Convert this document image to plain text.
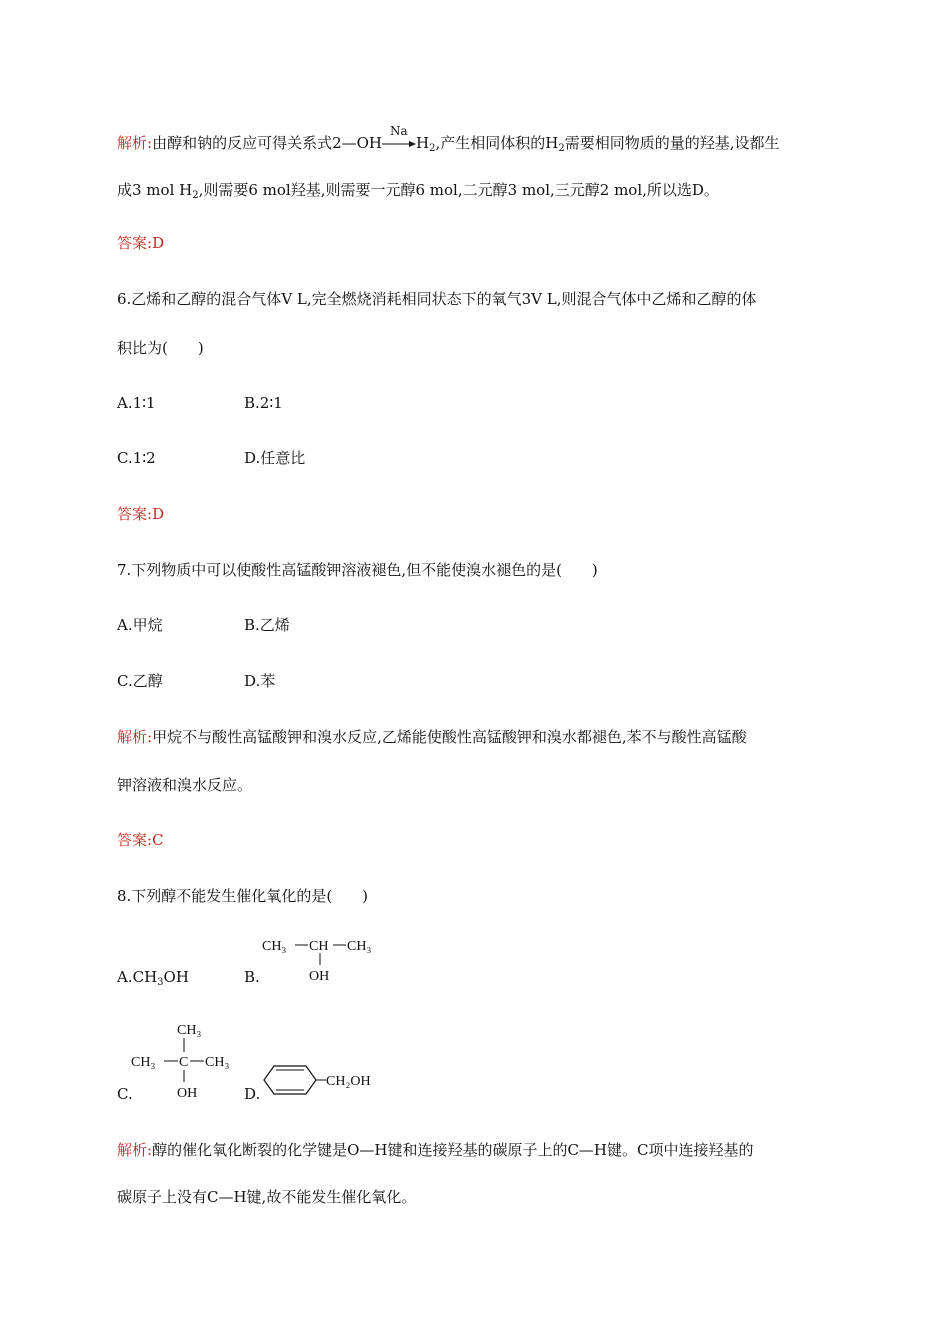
解析:由醇和钠的反应可得关系式2—OH
Na
$H_2$,产生相同体积的$H_2$需要相同物质的量的羟基,设都生
成3 mol $H_2$,则需要6 mol羟基,则需要一元醇6 mol,二元醇3 mol,三元醇2 mol,所以选D。
答案:D
6.乙烯和乙醇的混合气体V L,完全燃烧消耗相同状态下的氧气3V L,则混合气体中乙烯和乙醇的体
积比为(　　)
A.1∶1	B.2∶1
C.1∶2	D.任意比
答案:D
7.下列物质中可以使酸性高锰酸钾溶液褪色,但不能使溴水褪色的是(　　)
A.甲烷	B.乙烯
C.乙醇	D.苯
解析:甲烷不与酸性高锰酸钾和溴水反应,乙烯能使酸性高锰酸钾和溴水都褪色,苯不与酸性高锰酸
钾溶液和溴水反应。
答案:C
8.下列醇不能发生催化氧化的是(　　)
$A.CH_3OH$	B.
CH₃ CH CH₃
OH
C.
CH₃
CH₃ C CH₃
OH	D.
CH₂OH
解析:醇的催化氧化断裂的化学键是O—H键和连接羟基的碳原子上的C—H键。C项中连接羟基的
碳原子上没有C—H键,故不能发生催化氧化。
